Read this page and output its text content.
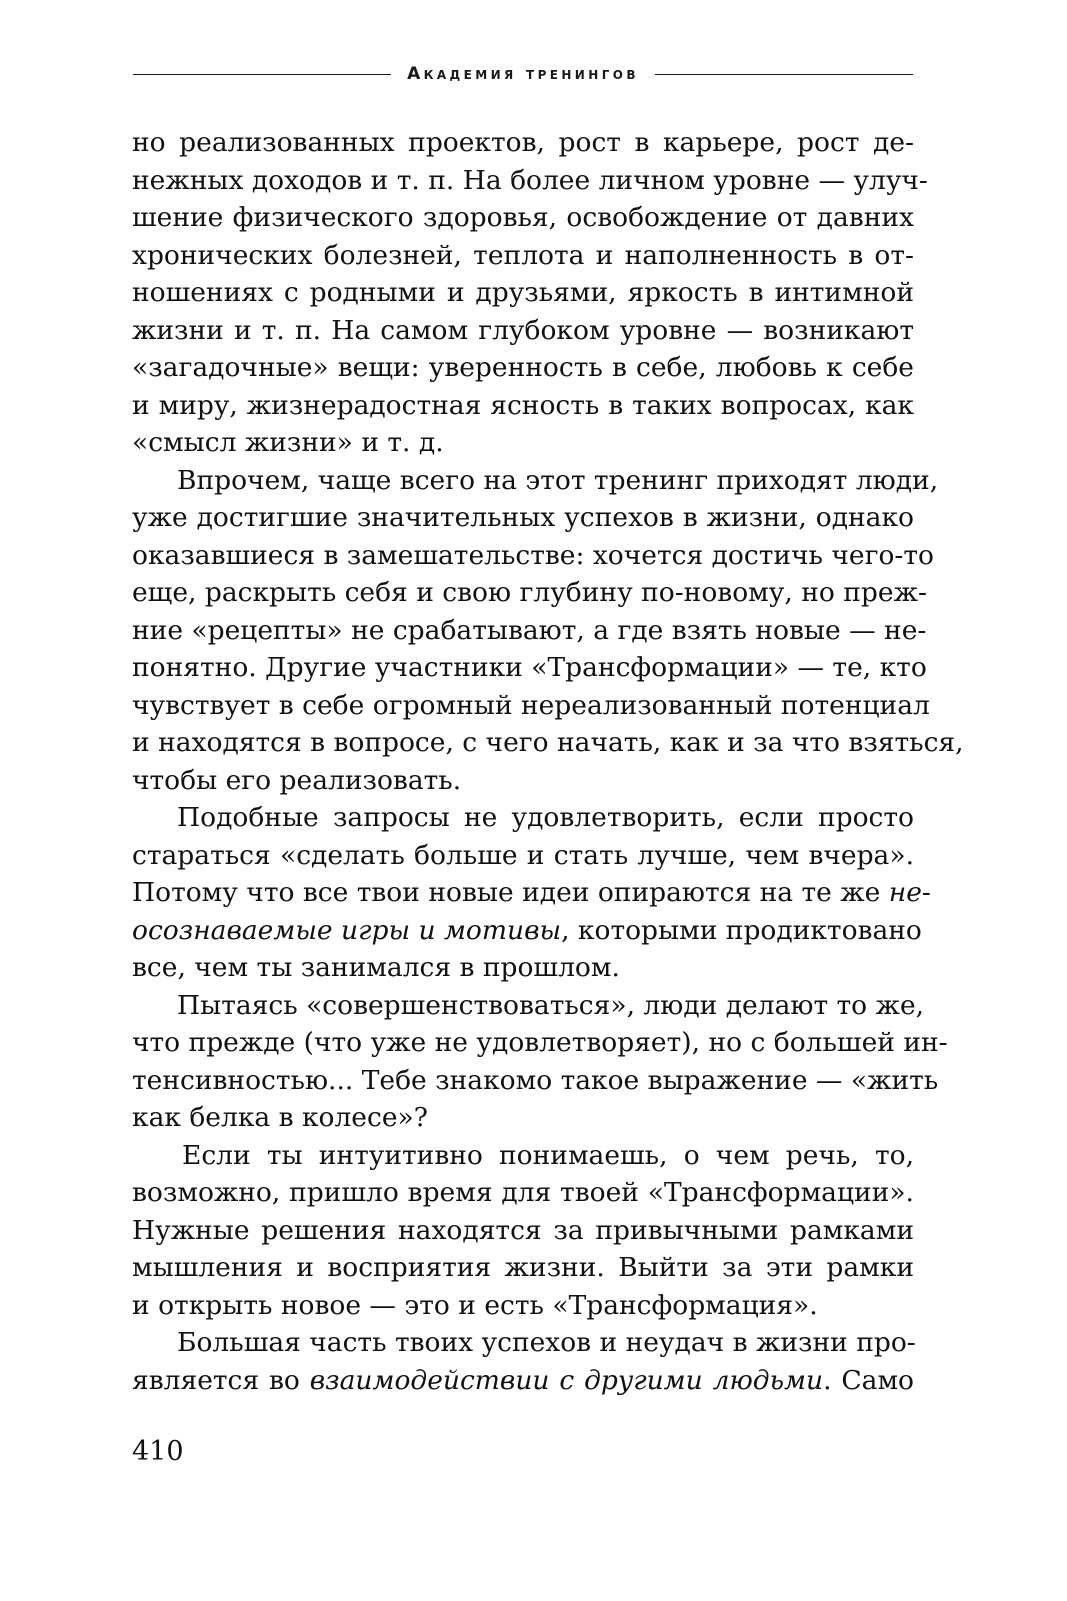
Академия тренингов
но реализованных проектов, рост в карьере, рост де-
нежных доходов и т. п. На более личном уровне — улуч-
шение физического здоровья, освобождение от давних
хронических болезней, теплота и наполненность в от-
ношениях с родными и друзьями, яркость в интимной
жизни и т. п. На самом глубоком уровне — возникают
«загадочные» вещи: уверенность в себе, любовь к себе
и миру, жизнерадостная ясность в таких вопросах, как
«смысл жизни» и т. д.
Впрочем, чаще всего на этот тренинг приходят люди,
уже достигшие значительных успехов в жизни, однако
оказавшиеся в замешательстве: хочется достичь чего-то
еще, раскрыть себя и свою глубину по-новому, но преж-
ние «рецепты» не срабатывают, а где взять новые — не-
понятно. Другие участники «Трансформации» — те, кто
чувствует в себе огромный нереализованный потенциал
и находятся в вопросе, с чего начать, как и за что взяться,
чтобы его реализовать.
Подобные запросы не удовлетворить, если просто
стараться «сделать больше и стать лучше, чем вчера».
Потому что все твои новые идеи опираются на те же не-
осознаваемые игры и мотивы, которыми продиктовано
все, чем ты занимался в прошлом.
Пытаясь «совершенствоваться», люди делают то же,
что прежде (что уже не удовлетворяет), но с большей ин-
тенсивностью... Тебе знакомо такое выражение — «жить
как белка в колесе»?
Если ты интуитивно понимаешь, о чем речь, то,
возможно, пришло время для твоей «Трансформации».
Нужные решения находятся за привычными рамками
мышления и восприятия жизни. Выйти за эти рамки
и открыть новое — это и есть «Трансформация».
Большая часть твоих успехов и неудач в жизни про-
является во взаимодействии с другими людьми. Само
410
